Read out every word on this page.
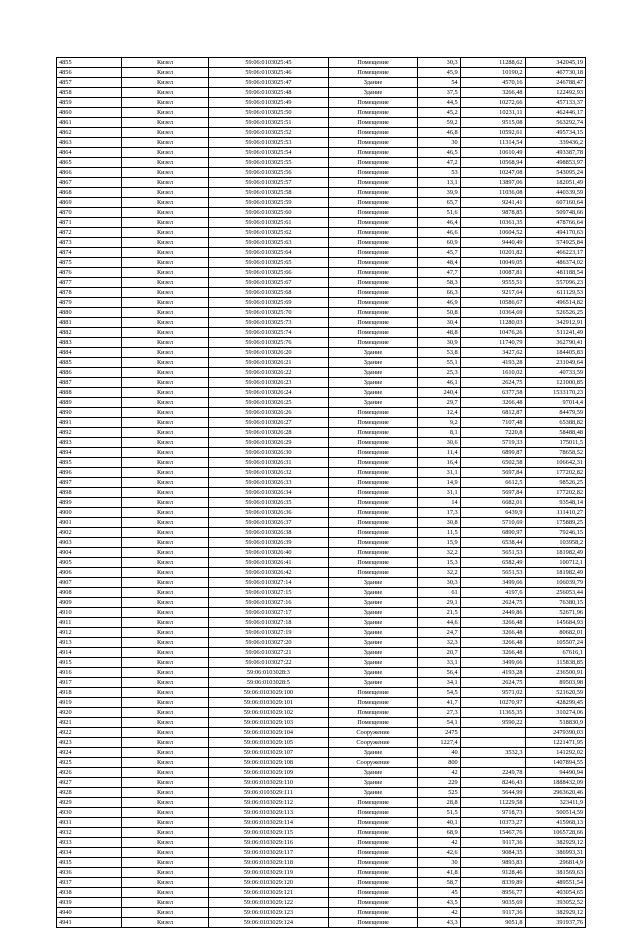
4855	Кизел	59:06:0103025:45	Помещение	30,3	11288,62	342045,19
4856	Кизел	59:06:0103025:46	Помещение	45,9	10190,2	467730,18
4857	Кизел	59:06:0103025:47	Здание	54	4570,16	246788,47
4858	Кизел	59:06:0103025:48	Здание	37,5	3266,48	122492,93
4859	Кизел	59:06:0103025:49	Помещение	44,5	10272,66	457133,37
4860	Кизел	59:06:0103025:50	Помещение	45,2	10231,11	462446,17
4861	Кизел	59:06:0103025:51	Помещение	59,2	9515,08	563292,74
4862	Кизел	59:06:0103025:52	Помещение	46,8	10592,61	495734,15
4863	Кизел	59:06:0103025:53	Помещение	30	11314,54	339436,2
4864	Кизел	59:06:0103025:54	Помещение	46,5	10610,49	493387,78
4865	Кизел	59:06:0103025:55	Помещение	47,2	10568,94	498853,97
4866	Кизел	59:06:0103025:56	Помещение	53	10247,08	543095,24
4867	Кизел	59:06:0103025:57	Помещение	13,1	13897,06	182051,49
4868	Кизел	59:06:0103025:58	Помещение	39,9	11036,08	440339,59
4869	Кизел	59:06:0103025:59	Помещение	65,7	9241,41	607160,64
4870	Кизел	59:06:0103025:60	Помещение	51,6	9878,85	509748,66
4871	Кизел	59:06:0103025:61	Помещение	46,4	10361,35	478766,64
4872	Кизел	59:06:0103025:62	Помещение	46,6	10604,52	494170,63
4873	Кизел	59:06:0103025:63	Помещение	60,9	9440,49	574925,84
4874	Кизел	59:06:0103025:64	Помещение	45,7	10201,82	466223,17
4875	Кизел	59:06:0103025:65	Помещение	48,4	10049,05	486374,02
4876	Кизел	59:06:0103025:66	Помещение	47,7	10087,81	481188,54
4877	Кизел	59:06:0103025:67	Помещение	58,3	9555,51	557096,23
4878	Кизел	59:06:0103025:68	Помещение	66,3	9217,64	611129,53
4879	Кизел	59:06:0103025:69	Помещение	46,9	10586,67	496514,82
4880	Кизел	59:06:0103025:70	Помещение	50,8	10364,69	526526,25
4881	Кизел	59:06:0103025:73	Помещение	30,4	11280,03	342912,91
4882	Кизел	59:06:0103025:74	Помещение	48,8	10476,26	511241,49
4883	Кизел	59:06:0103025:76	Помещение	30,9	11740,79	362790,41
4884	Кизел	59:06:0103026:20	Здание	53,8	3427,62	184405,83
4885	Кизел	59:06:0103026:21	Здание	55,1	4193,28	231049,64
4886	Кизел	59:06:0103026:22	Здание	25,3	1610,02	40733,59
4887	Кизел	59:06:0103026:23	Здание	46,1	2624,75	121000,85
4888	Кизел	59:06:0103026:24	Здание	240,4	6377,58	1533170,23
4889	Кизел	59:06:0103026:25	Здание	29,7	3266,48	97014,4
4890	Кизел	59:06:0103026:26	Помещение	12,4	6812,87	84479,59
4891	Кизел	59:06:0103026:27	Помещение	9,2	7107,48	65388,82
4892	Кизел	59:06:0103026:28	Помещение	8,1	7220,8	58488,48
4893	Кизел	59:06:0103026:29	Помещение	30,6	5719,33	175011,5
4894	Кизел	59:06:0103026:30	Помещение	11,4	6899,87	78658,52
4895	Кизел	59:06:0103026:31	Помещение	16,4	6502,58	106642,31
4896	Кизел	59:06:0103026:32	Помещение	31,1	5697,84	177202,82
4897	Кизел	59:06:0103026:33	Помещение	14,9	6612,5	98526,25
4898	Кизел	59:06:0103026:34	Помещение	31,1	5697,84	177202,82
4899	Кизел	59:06:0103026:35	Помещение	14	6682,01	93548,14
4900	Кизел	59:06:0103026:36	Помещение	17,3	6439,9	111410,27
4901	Кизел	59:06:0103026:37	Помещение	30,8	5710,69	175889,25
4902	Кизел	59:06:0103026:38	Помещение	11,5	6890,97	79246,15
4903	Кизел	59:06:0103026:39	Помещение	15,9	6538,44	103958,2
4904	Кизел	59:06:0103026:40	Помещение	32,2	5651,53	181982,49
4905	Кизел	59:06:0103026:41	Помещение	15,3	6582,49	100712,1
4906	Кизел	59:06:0103026:42	Помещение	32,2	5651,53	181982,49
4907	Кизел	59:06:0103027:14	Здание	30,3	3499,66	106039,79
4908	Кизел	59:06:0103027:15	Здание	61	4197,6	256053,44
4909	Кизел	59:06:0103027:16	Здание	29,1	2624,75	76380,15
4910	Кизел	59:06:0103027:17	Здание	21,5	2449,86	52671,96
4911	Кизел	59:06:0103027:18	Здание	44,6	3266,48	145684,93
4912	Кизел	59:06:0103027:19	Здание	24,7	3266,48	80682,01
4913	Кизел	59:06:0103027:20	Здание	32,3	3266,48	105507,24
4914	Кизел	59:06:0103027:21	Здание	20,7	3266,48	67616,1
4915	Кизел	59:06:0103027:22	Здание	33,1	3499,66	115838,85
4916	Кизел	59:06:0103028:3	Здание	56,4	4193,28	236500,91
4917	Кизел	59:06:0103028:5	Здание	34,1	2624,75	89503,98
4918	Кизел	59:06:0103029:100	Помещение	54,5	9571,02	521620,59
4919	Кизел	59:06:0103029:101	Помещение	41,7	10270,97	428299,45
4920	Кизел	59:06:0103029:102	Помещение	27,3	11365,35	310274,06
4921	Кизел	59:06:0103029:103	Помещение	54,1	9590,22	518830,9
4922	Кизел	59:06:0103029:104	Сооружение	2475		2479390,03
4923	Кизел	59:06:0103029:105	Сооружение	1227,4		1221471,95
4924	Кизел	59:06:0103029:107	Здание	40	3532,3	141292,02
4925	Кизел	59:06:0103029:108	Сооружение	800		1407894,55
4926	Кизел	59:06:0103029:109	Здание	42	2249,78	94490,94
4927	Кизел	59:06:0103029:110	Здание	229	8246,43	1888432,09
4928	Кизел	59:06:0103029:111	Здание	525	5644,99	2963620,46
4929	Кизел	59:06:0103029:112	Помещение	28,8	11229,58	323411,9
4930	Кизел	59:06:0103029:113	Помещение	51,5	9718,73	500514,59
4931	Кизел	59:06:0103029:114	Помещение	40,1	10373,27	415968,13
4932	Кизел	59:06:0103029:115	Помещение	68,9	15467,76	1065728,66
4933	Кизел	59:06:0103029:116	Помещение	42	9117,36	382929,12
4934	Кизел	59:06:0103029:117	Помещение	42,6	9084,35	386993,31
4935	Кизел	59:06:0103029:118	Помещение	30	9893,83	296814,9
4936	Кизел	59:06:0103029:119	Помещение	41,8	9128,46	381569,63
4937	Кизел	59:06:0103029:120	Помещение	58,7	8339,89	489551,54
4938	Кизел	59:06:0103029:121	Помещение	45	8956,77	403054,65
4939	Кизел	59:06:0103029:122	Помещение	43,5	9035,69	393052,52
4940	Кизел	59:06:0103029:123	Помещение	42	9117,36	382929,12
4941	Кизел	59:06:0103029:124	Помещение	43,3	9051,8	391937,76
